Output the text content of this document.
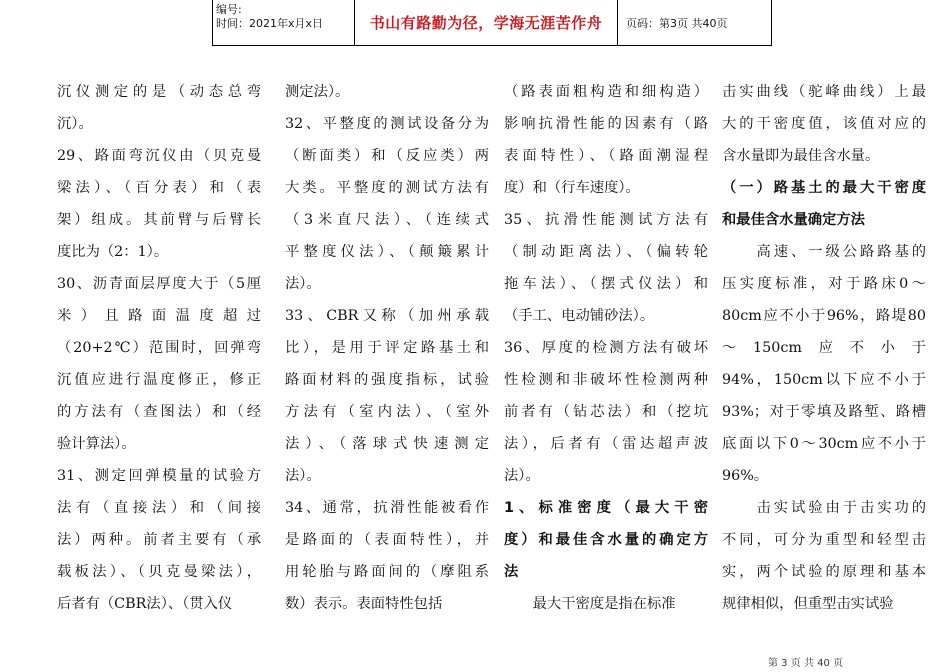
编号:
时间：2021年x月x日	书山有路勤为径，学海无涯苦作舟	页码：第3页 共40页

沉仪测定的是（动态总弯

沉）。

29、路面弯沉仪由（贝克曼

梁法）、（百分表）和（表

架）组成。其前臂与后臂长

度比为（2：1）。

30、沥青面层厚度大于（5厘

米）且路面温度超过

（20+2℃）范围时，回弹弯

沉值应进行温度修正，修正

的方法有（查图法）和（经

验计算法）。

31、测定回弹模量的试验方

法有（直接法）和（间接

法）两种。前者主要有（承

载板法）、（贝克曼梁法），

后者有（CBR法）、（贯入仪

测定法）。

32、平整度的测试设备分为

（断面类）和（反应类）两

大类。平整度的测试方法有

（3米直尺法）、（连续式

平整度仪法）、（颠簸累计

法）。

33、CBR又称（加州承载

比），是用于评定路基土和

路面材料的强度指标，试验

方法有（室内法）、（室外

法）、（落球式快速测定

法）。

34、通常，抗滑性能被看作

是路面的（表面特性），并

用轮胎与路面间的（摩阻系

数）表示。表面特性包括

（路表面粗构造和细构造）

影响抗滑性能的因素有（路

表面特性）、（路面潮湿程

度）和（行车速度）。

35、抗滑性能测试方法有

（制动距离法）、（偏转轮

拖车法）、（摆式仪法）和

（手工、电动铺砂法）。

36、厚度的检测方法有破坏

性检测和非破坏性检测两种

前者有（钻芯法）和（挖坑

法），后者有（雷达超声波

法）。

1、标准密度（最大干密

度）和最佳含水量的确定方

法

　　最大干密度是指在标准

击实曲线（驼峰曲线）上最

大的干密度值，该值对应的

含水量即为最佳含水量。

（一）路基土的最大干密度

和最佳含水量确定方法

　　高速、一级公路路基的

压实度标准，对于路床0～

80cm应不小于96%，路堤80

～150cm应不小于

94%，150cm以下应不小于

93%；对于零填及路堑、路槽

底面以下0～30cm应不小于

96%。

　　击实试验由于击实功的

不同，可分为重型和轻型击

实，两个试验的原理和基本

规律相似，但重型击实试验

第 3 页 共 40 页
